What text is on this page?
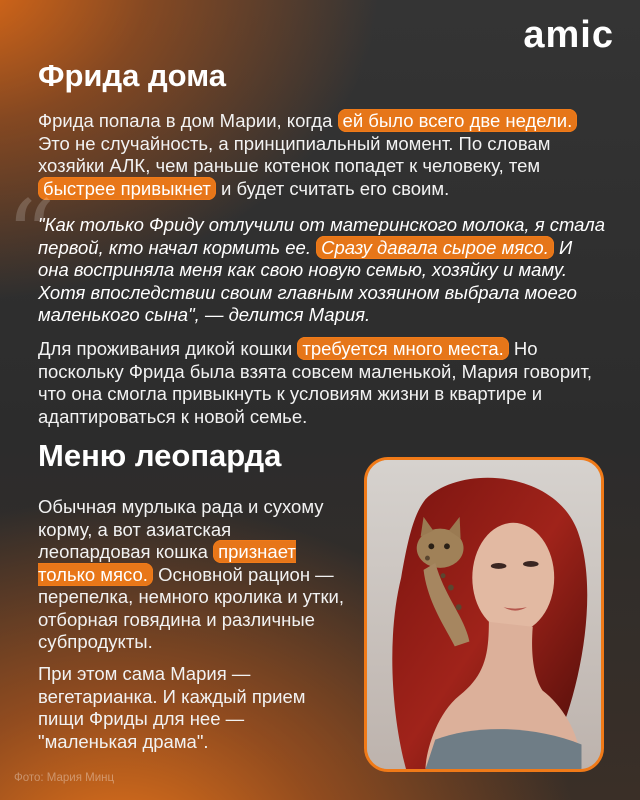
amic
Фрида дома

Фрида попала в дом Марии, когда ей было всего две недели. Это не случайность, а принципиальный момент. По словам хозяйки АЛК, чем раньше котенок попадет к человеку, тем быстрее привыкнет и будет считать его своим.

“

"Как только Фриду отлучили от материнского молока, я стала первой, кто начал кормить ее. Сразу давала сырое мясо. И она восприняла меня как свою новую семью, хозяйку и маму. Хотя впоследствии своим главным хозяином выбрала моего маленького сына", — делится Мария.

Для проживания дикой кошки требуется много места. Но поскольку Фрида была взята совсем маленькой, Мария говорит, что она смогла привыкнуть к условиям жизни в квартире и адаптироваться к новой семье.

Меню леопарда

Обычная мурлыка рада и сухому корму, а вот азиатская леопардовая кошка признает только мясо. Основной рацион — перепелка, немного кролика и утки, отборная говядина и различные субпродукты.

При этом сама Мария — вегетарианка. И каждый прием пищи Фриды для нее — "маленькая драма".

Фото: Мария Минц
